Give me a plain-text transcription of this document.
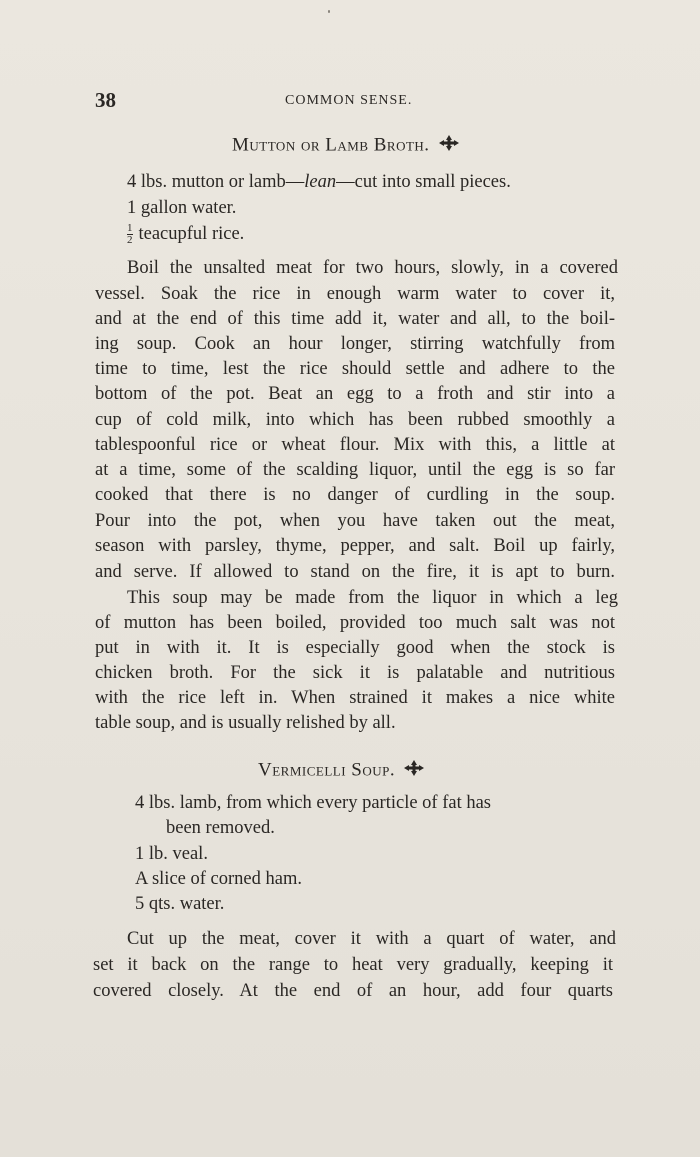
38	COMMON SENSE.
Mutton or Lamb Broth.
4 lbs. mutton or lamb—lean—cut into small pieces.
1 gallon water.
$\frac{1}{2}$ teacupful rice.
Boil the unsalted meat for two hours, slowly, in a covered
vessel. Soak the rice in enough warm water to cover it,
and at the end of this time add it, water and all, to the boil-
ing soup. Cook an hour longer, stirring watchfully from
time to time, lest the rice should settle and adhere to the
bottom of the pot. Beat an egg to a froth and stir into a
cup of cold milk, into which has been rubbed smoothly a
tablespoonful rice or wheat flour. Mix with this, a little at
at a time, some of the scalding liquor, until the egg is so far
cooked that there is no danger of curdling in the soup.
Pour into the pot, when you have taken out the meat,
season with parsley, thyme, pepper, and salt. Boil up fairly,
and serve. If allowed to stand on the fire, it is apt to burn.
This soup may be made from the liquor in which a leg
of mutton has been boiled, provided too much salt was not
put in with it. It is especially good when the stock is
chicken broth. For the sick it is palatable and nutritious
with the rice left in. When strained it makes a nice white
table soup, and is usually relished by all.
Vermicelli Soup.
4 lbs. lamb, from which every particle of fat has
been removed.
1 lb. veal.
A slice of corned ham.
5 qts. water.
Cut up the meat, cover it with a quart of water, and
set it back on the range to heat very gradually, keeping it
covered closely. At the end of an hour, add four quarts
